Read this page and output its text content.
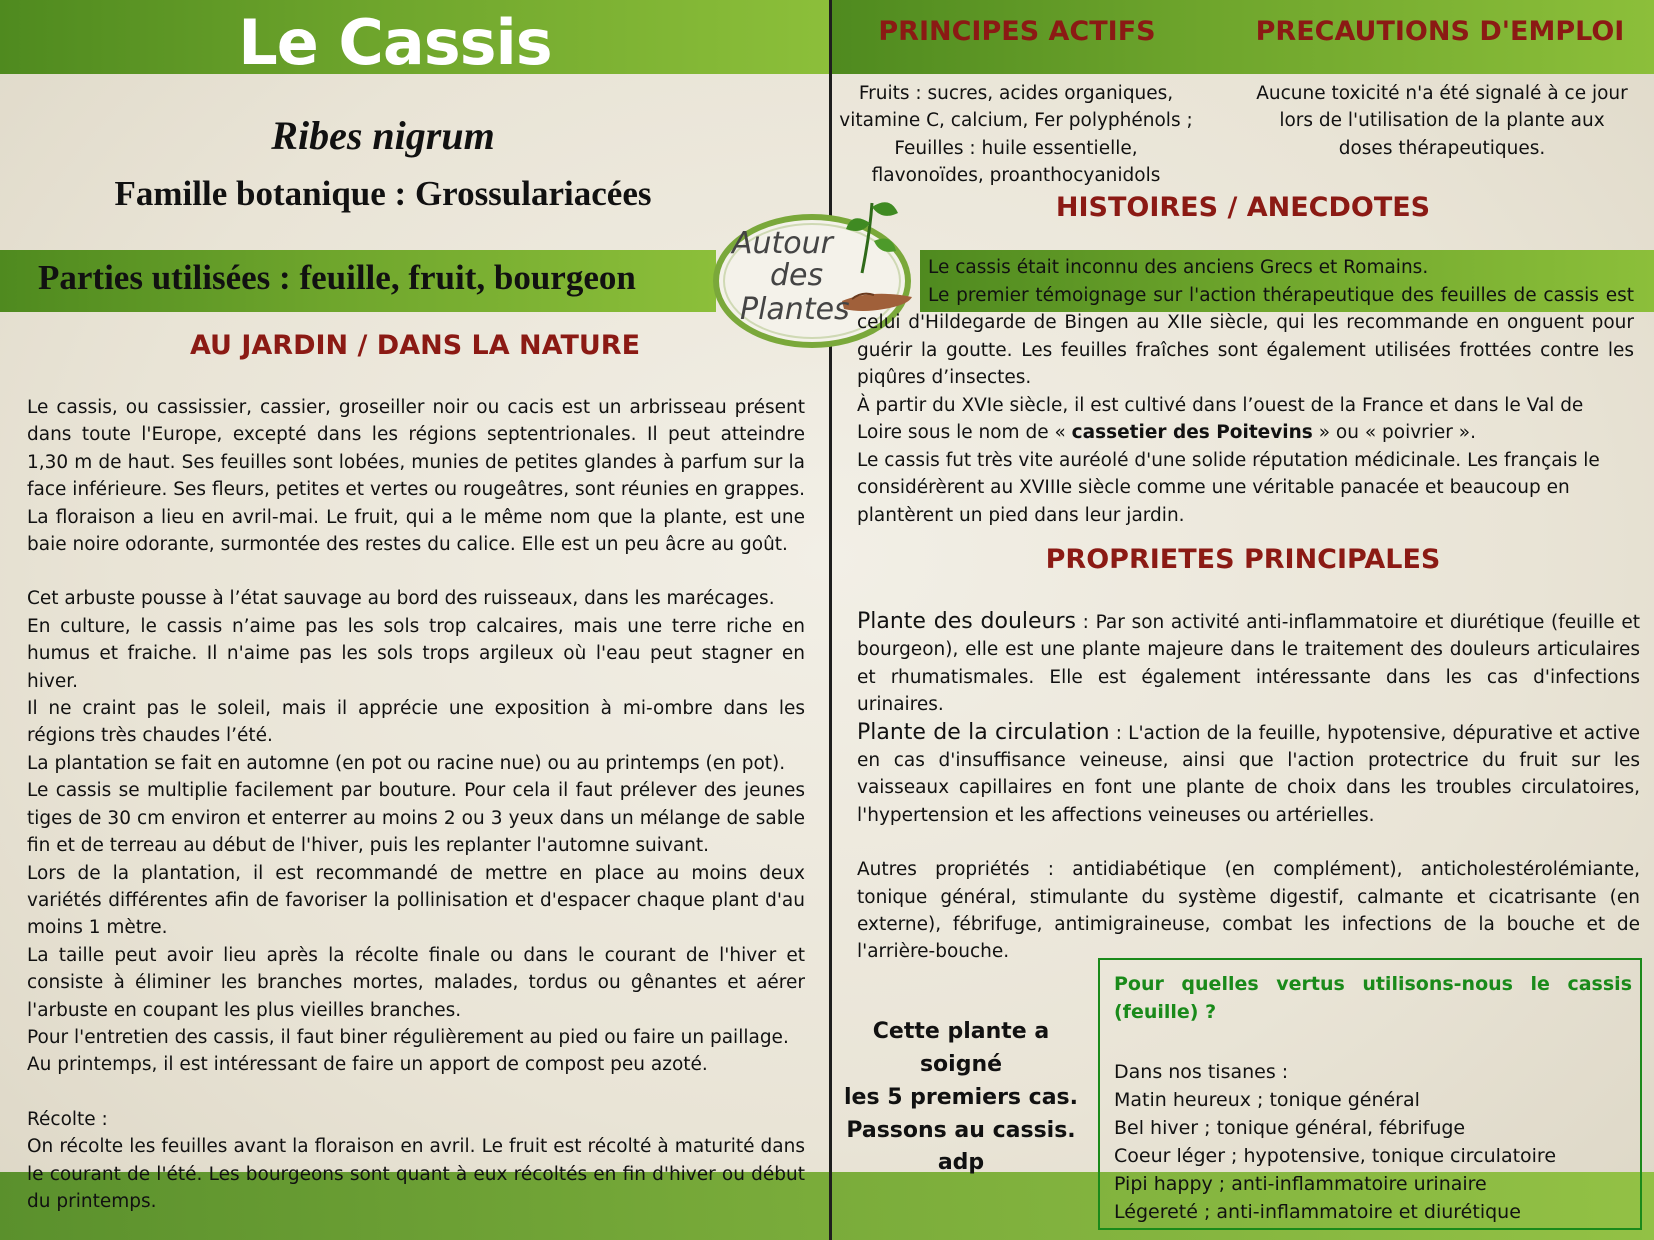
Le Cassis
Ribes nigrum
Famille botanique : Grossulariacées
Parties utilisées : feuille, fruit, bourgeon
AU JARDIN / DANS LA NATURE

Le cassis, ou cassissier, cassier, groseiller noir ou cacis est un arbrisseau présent dans toute l'Europe, excepté dans les régions septentrionales. Il peut atteindre 1,30 m de haut. Ses feuilles sont lobées, munies de petites glandes à parfum sur la face inférieure. Ses fleurs, petites et vertes ou rougeâtres, sont réunies en grappes. La floraison a lieu en avril-mai. Le fruit, qui a le même nom que la plante, est une baie noire odorante, surmontée des restes du calice. Elle est un peu âcre au goût.

Cet arbuste pousse à l’état sauvage au bord des ruisseaux, dans les marécages.

En culture, le cassis n’aime pas les sols trop calcaires, mais une terre riche en humus et fraiche. Il n'aime pas les sols trops argileux où l'eau peut stagner en hiver.

Il ne craint pas le soleil, mais il apprécie une exposition à mi-ombre dans les régions très chaudes l’été.

La plantation se fait en automne (en pot ou racine nue) ou au printemps (en pot).

Le cassis se multiplie facilement par bouture. Pour cela il faut prélever des jeunes tiges de 30 cm environ et enterrer au moins 2 ou 3 yeux dans un mélange de sable fin et de terreau au début de l'hiver, puis les replanter l'automne suivant.

Lors de la plantation, il est recommandé de mettre en place au moins deux variétés différentes afin de favoriser la pollinisation et d'espacer chaque plant d'au moins 1 mètre.

La taille peut avoir lieu après la récolte finale ou dans le courant de l'hiver et consiste à éliminer les branches mortes, malades, tordus ou gênantes et aérer l'arbuste en coupant les plus vieilles branches.

Pour l'entretien des cassis, il faut biner régulièrement au pied ou faire un paillage.

Au printemps, il est intéressant de faire un apport de compost peu azoté.

Récolte :

On récolte les feuilles avant la floraison en avril. Le fruit est récolté à maturité dans le courant de l'été. Les bourgeons sont quant à eux récoltés en fin d'hiver ou début du printemps.

Autour
des
Plantes
PRINCIPES ACTIFS	PRECAUTIONS D'EMPLOI
Fruits : sucres, acides organiques, vitamine C, calcium, Fer polyphénols ; Feuilles : huile essentielle, flavonoïdes, proanthocyanidols
Aucune toxicité n'a été signalé à ce jour lors de l'utilisation de la plante aux doses thérapeutiques.
HISTOIRES / ANECDOTES
Le cassis était inconnu des anciens Grecs et Romains.
Le premier témoignage sur l'action thérapeutique des feuilles de cassis est celui d'Hildegarde de Bingen au XIIe siècle, qui les recommande en onguent pour guérir la goutte. Les feuilles fraîches sont également utilisées frottées contre les piqûres d’insectes.
À partir du XVIe siècle, il est cultivé dans l’ouest de la France et dans le Val de Loire sous le nom de « cassetier des Poitevins » ou « poivrier ».

Le cassis fut très vite auréolé d'une solide réputation médicinale. Les français le considérèrent au XVIIIe siècle comme une véritable panacée et beaucoup en plantèrent un pied dans leur jardin.

PROPRIETES PRINCIPALES

Plante des douleurs : Par son activité anti-inflammatoire et diurétique (feuille et bourgeon), elle est une plante majeure dans le traitement des douleurs articulaires et rhumatismales. Elle est également intéressante dans les cas d'infections urinaires.

Plante de la circulation : L'action de la feuille, hypotensive, dépurative et active en cas d'insuffisance veineuse, ainsi que l'action protectrice du fruit sur les vaisseaux capillaires en font une plante de choix dans les troubles circulatoires, l'hypertension et les affections veineuses ou artérielles.

Autres propriétés : antidiabétique (en complément), anticholestérolémiante, tonique général, stimulante du système digestif, calmante et cicatrisante (en externe), fébrifuge, antimigraineuse, combat les infections de la bouche et de l'arrière-bouche.

Cette plante a soigné
les 5 premiers cas.
Passons au cassis.
adp
Pour quelles vertus utilisons-nous le cassis (feuille) ?

Dans nos tisanes :

Matin heureux ; tonique général

Bel hiver ; tonique général, fébrifuge

Coeur léger ; hypotensive, tonique circulatoire

Pipi happy ; anti-inflammatoire urinaire

Légereté ; anti-inflammatoire et diurétique
